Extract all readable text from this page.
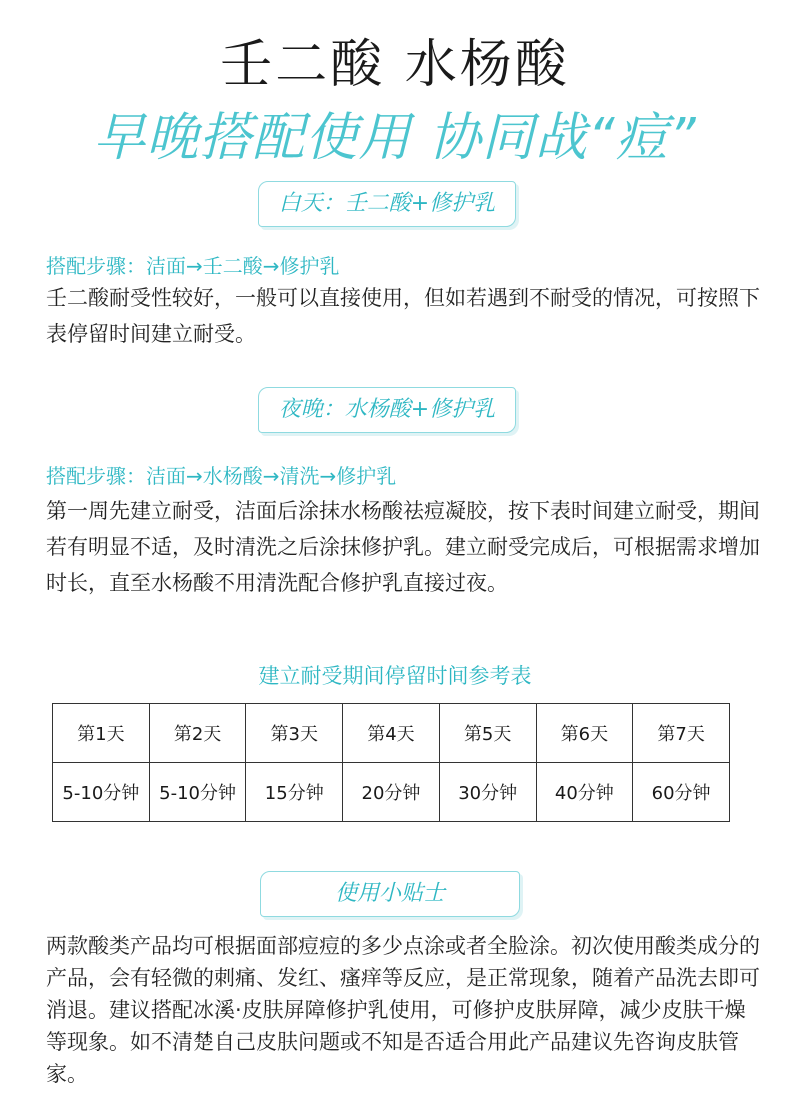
壬二酸 水杨酸
早晚搭配使用 协同战“痘”
白天：壬二酸+修护乳
搭配步骤：洁面→壬二酸→修护乳
壬二酸耐受性较好，一般可以直接使用，但如若遇到不耐受的情况，可按照下表停留时间建立耐受。
夜晚：水杨酸+修护乳
搭配步骤：洁面→水杨酸→清洗→修护乳
第一周先建立耐受，洁面后涂抹水杨酸祛痘凝胶，按下表时间建立耐受，期间若有明显不适，及时清洗之后涂抹修护乳。建立耐受完成后，可根据需求增加时长，直至水杨酸不用清洗配合修护乳直接过夜。
建立耐受期间停留时间参考表
第1天	第2天	第3天	第4天	第5天	第6天	第7天
5-10分钟	5-10分钟	15分钟	20分钟	30分钟	40分钟	60分钟
使用小贴士
两款酸类产品均可根据面部痘痘的多少点涂或者全脸涂。初次使用酸类成分的产品，会有轻微的刺痛、发红、瘙痒等反应，是正常现象，随着产品洗去即可消退。建议搭配冰溪·皮肤屏障修护乳使用，可修护皮肤屏障，减少皮肤干燥等现象。如不清楚自己皮肤问题或不知是否适合用此产品建议先咨询皮肤管家。
